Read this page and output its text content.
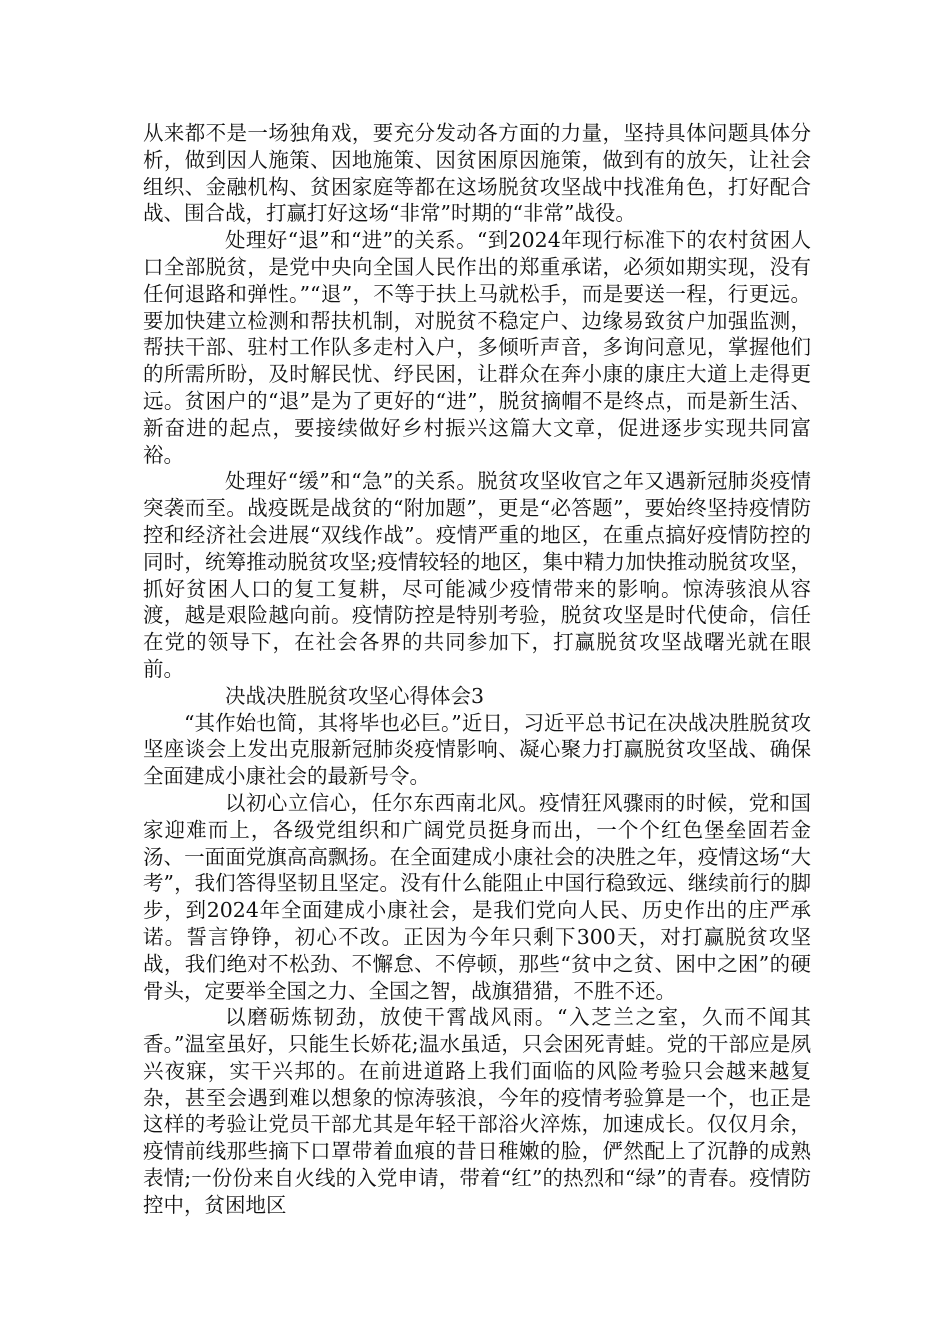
从来都不是一场独角戏，要充分发动各方面的力量，坚持具体问题具体分析，做到因人施策、因地施策、因贫困原因施策，做到有的放矢，让社会组织、金融机构、贫困家庭等都在这场脱贫攻坚战中找准角色，打好配合战、围合战，打赢打好这场“非常”时期的“非常”战役。

处理好“退”和“进”的关系。“到2024年现行标准下的农村贫困人口全部脱贫，是党中央向全国人民作出的郑重承诺，必须如期实现，没有任何退路和弹性。”“退”，不等于扶上马就松手，而是要送一程，行更远。要加快建立检测和帮扶机制，对脱贫不稳定户、边缘易致贫户加强监测，帮扶干部、驻村工作队多走村入户，多倾听声音，多询问意见，掌握他们的所需所盼，及时解民忧、纾民困，让群众在奔小康的康庄大道上走得更远。贫困户的“退”是为了更好的“进”，脱贫摘帽不是终点，而是新生活、新奋进的起点，要接续做好乡村振兴这篇大文章，促进逐步实现共同富裕。

处理好“缓”和“急”的关系。脱贫攻坚收官之年又遇新冠肺炎疫情突袭而至。战疫既是战贫的“附加题”，更是“必答题”，要始终坚持疫情防控和经济社会进展“双线作战”。疫情严重的地区，在重点搞好疫情防控的同时，统筹推动脱贫攻坚;疫情较轻的地区，集中精力加快推动脱贫攻坚，抓好贫困人口的复工复耕，尽可能减少疫情带来的影响。惊涛骇浪从容渡，越是艰险越向前。疫情防控是特别考验，脱贫攻坚是时代使命，信任在党的领导下，在社会各界的共同参加下，打赢脱贫攻坚战曙光就在眼前。

决战决胜脱贫攻坚心得体会3

“其作始也简，其将毕也必巨。”近日，习近平总书记在决战决胜脱贫攻坚座谈会上发出克服新冠肺炎疫情影响、凝心聚力打赢脱贫攻坚战、确保全面建成小康社会的最新号令。

以初心立信心，任尔东西南北风。疫情狂风骤雨的时候，党和国家迎难而上，各级党组织和广阔党员挺身而出，一个个红色堡垒固若金汤、一面面党旗高高飘扬。在全面建成小康社会的决胜之年，疫情这场“大考”，我们答得坚韧且坚定。没有什么能阻止中国行稳致远、继续前行的脚步，到2024年全面建成小康社会，是我们党向人民、历史作出的庄严承诺。誓言铮铮，初心不改。正因为今年只剩下300天，对打赢脱贫攻坚战，我们绝对不松劲、不懈怠、不停顿，那些“贫中之贫、困中之困”的硬骨头，定要举全国之力、全国之智，战旗猎猎，不胜不还。

以磨砺炼韧劲，放使干霄战风雨。“入芝兰之室，久而不闻其香。”温室虽好，只能生长娇花;温水虽适，只会困死青蛙。党的干部应是夙兴夜寐，实干兴邦的。在前进道路上我们面临的风险考验只会越来越复杂，甚至会遇到难以想象的惊涛骇浪，今年的疫情考验算是一个，也正是这样的考验让党员干部尤其是年轻干部浴火淬炼，加速成长。仅仅月余，疫情前线那些摘下口罩带着血痕的昔日稚嫩的脸，俨然配上了沉静的成熟表情;一份份来自火线的入党申请，带着“红”的热烈和“绿”的青春。疫情防控中，贫困地区
